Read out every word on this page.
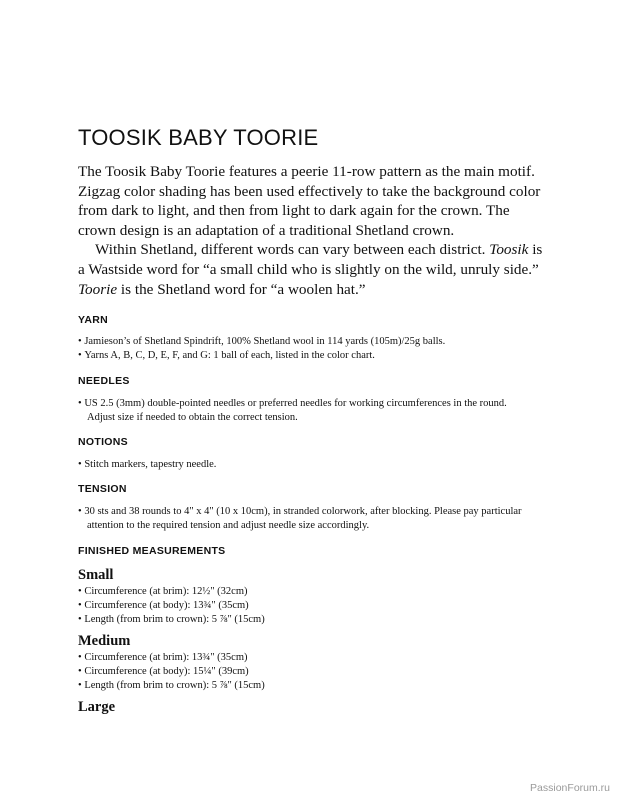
TOOSIK BABY TOORIE

The Toosik Baby Toorie features a peerie 11-row pattern as the main motif. Zigzag color shading has been used effectively to take the background color from dark to light, and then from light to dark again for the crown. The crown design is an adaptation of a traditional Shetland crown.

Within Shetland, different words can vary between each district. Toosik is a Wastside word for “a small child who is slightly on the wild, unruly side.” Toorie is the Shetland word for “a woolen hat.”

YARN
• Jamieson’s of Shetland Spindrift, 100% Shetland wool in 114 yards (105m)/25g balls.
• Yarns A, B, C, D, E, F, and G: 1 ball of each, listed in the color chart.
NEEDLES
• US 2.5 (3mm) double-pointed needles or preferred needles for working circumferences in the round. Adjust size if needed to obtain the correct tension.
NOTIONS
• Stitch markers, tapestry needle.
TENSION
• 30 sts and 38 rounds to 4" x 4" (10 x 10cm), in stranded colorwork, after blocking. Please pay particular attention to the required tension and adjust needle size accordingly.
FINISHED MEASUREMENTS
Small
• Circumference (at brim): 12½" (32cm)
• Circumference (at body): 13¾" (35cm)
• Length (from brim to crown): 5 ⅞" (15cm)
Medium
• Circumference (at brim): 13¾" (35cm)
• Circumference (at body): 15¼" (39cm)
• Length (from brim to crown): 5 ⅞" (15cm)
Large
PassionForum.ru
